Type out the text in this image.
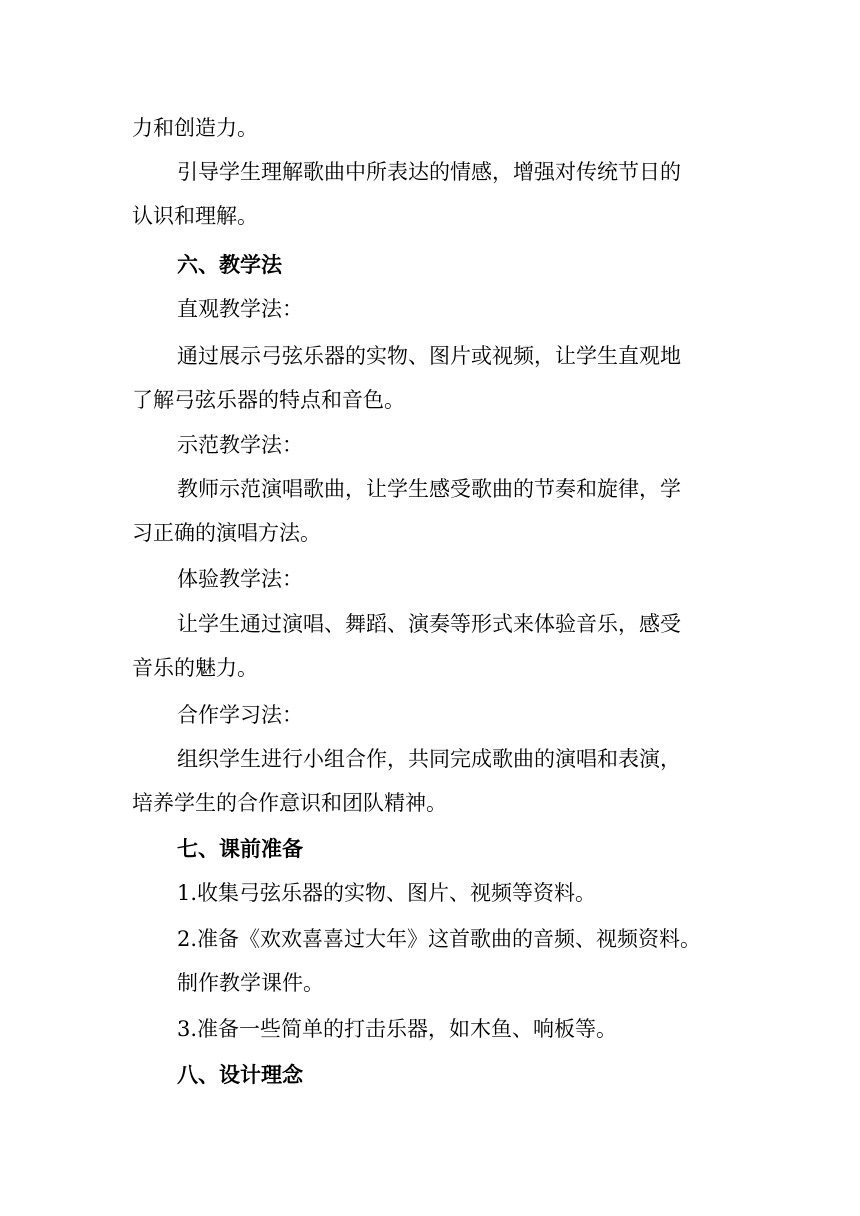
力和创造力。
引导学生理解歌曲中所表达的情感，增强对传统节日的
认识和理解。
六、教学法
直观教学法：
通过展示弓弦乐器的实物、图片或视频，让学生直观地
了解弓弦乐器的特点和音色。
示范教学法：
教师示范演唱歌曲，让学生感受歌曲的节奏和旋律，学
习正确的演唱方法。
体验教学法：
让学生通过演唱、舞蹈、演奏等形式来体验音乐，感受
音乐的魅力。
合作学习法：
组织学生进行小组合作，共同完成歌曲的演唱和表演，
培养学生的合作意识和团队精神。
七、课前准备
1.收集弓弦乐器的实物、图片、视频等资料。
2.准备《欢欢喜喜过大年》这首歌曲的音频、视频资料。
制作教学课件。
3.准备一些简单的打击乐器，如木鱼、响板等。
八、设计理念
